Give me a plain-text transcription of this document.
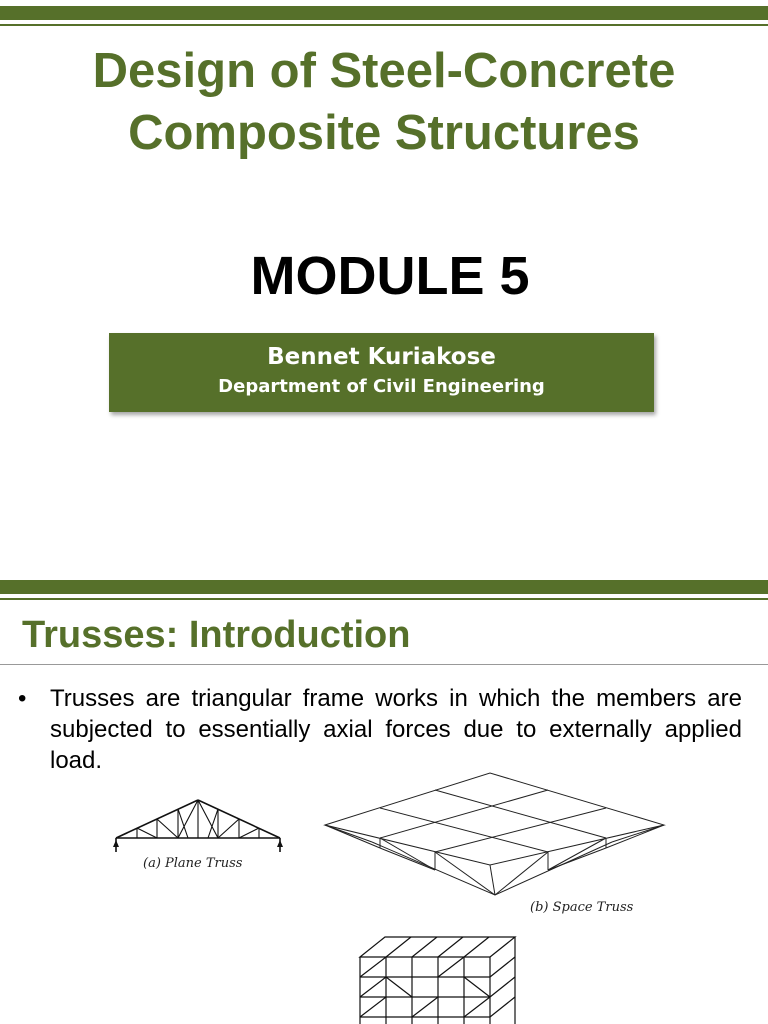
Design of Steel-Concrete
Composite Structures
MODULE 5
Bennet Kuriakose
Department of Civil Engineering
Trusses: Introduction
• Trusses are triangular frame works in which the members are subjected to essentially axial forces due to externally applied load.
(a) Plane Truss
(b) Space Truss
